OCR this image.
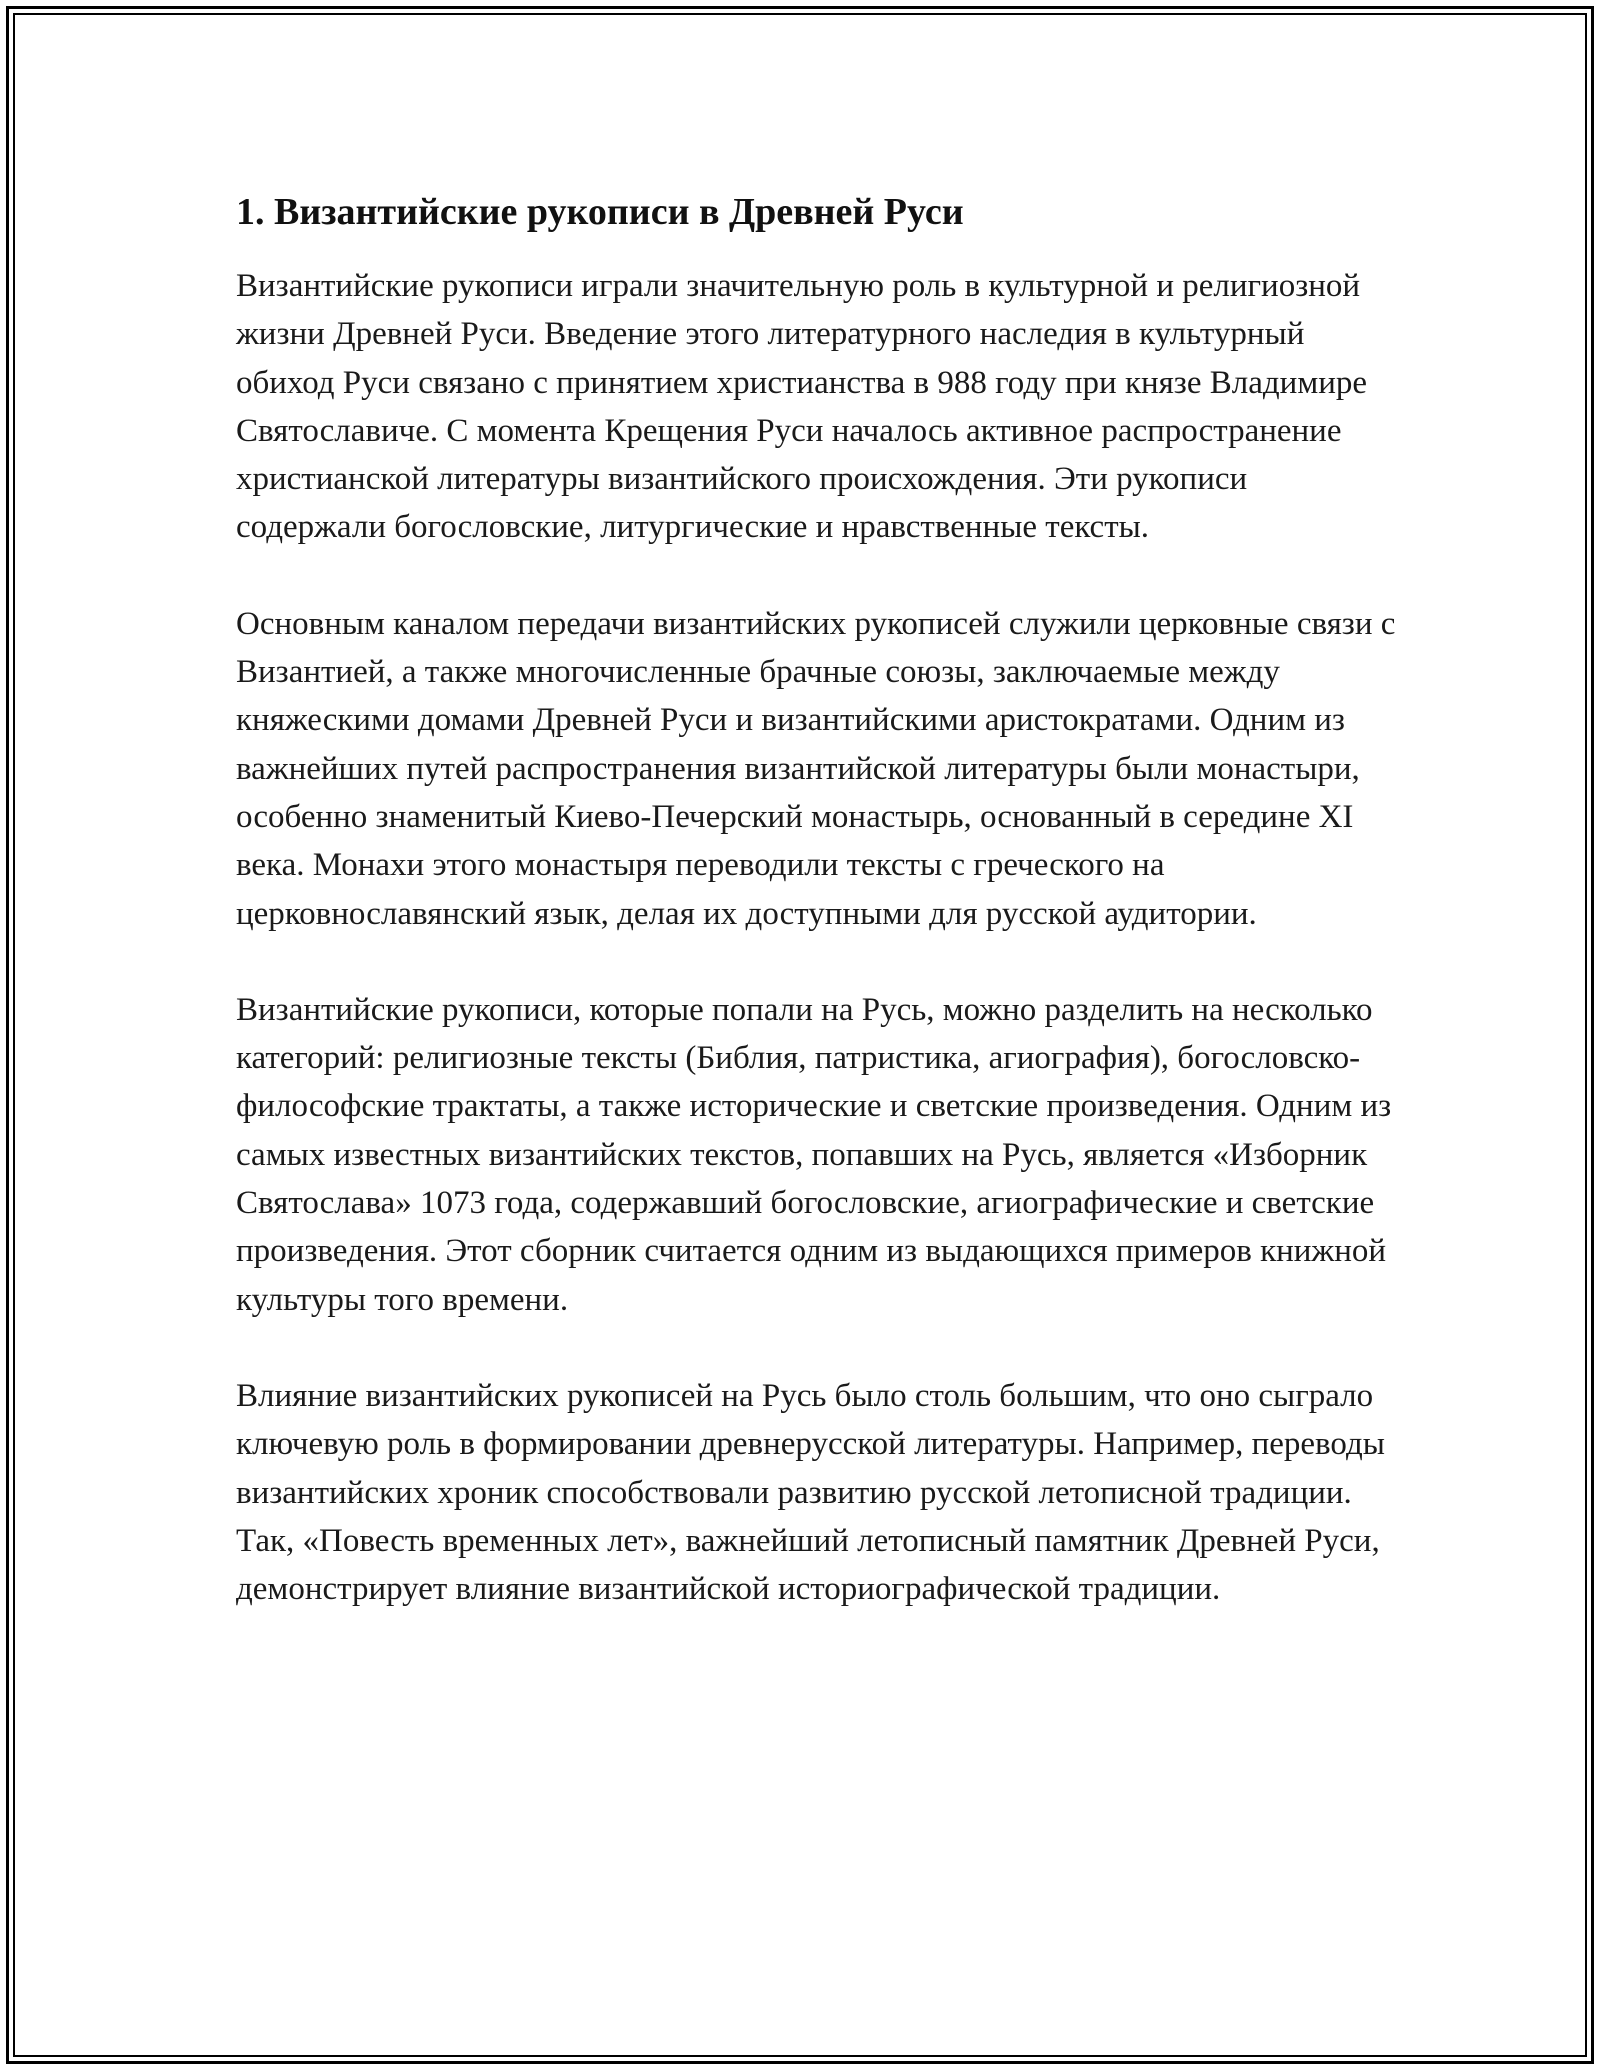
1. Византийские рукописи в Древней Руси

Византийские рукописи играли значительную роль в культурной и религиозной жизни Древней Руси. Введение этого литературного наследия в культурный обиход Руси связано с принятием христианства в 988 году при князе Владимире Святославиче. С момента Крещения Руси началось активное распространение христианской литературы византийского происхождения. Эти рукописи содержали богословские, литургические и нравственные тексты.

Основным каналом передачи византийских рукописей служили церковные связи с Византией, а также многочисленные брачные союзы, заключаемые между княжескими домами Древней Руси и византийскими аристократами. Одним из важнейших путей распространения византийской литературы были монастыри, особенно знаменитый Киево-Печерский монастырь, основанный в середине XI века. Монахи этого монастыря переводили тексты с греческого на церковнославянский язык, делая их доступными для русской аудитории.

Византийские рукописи, которые попали на Русь, можно разделить на несколько категорий: религиозные тексты (Библия, патристика, агиография), богословско-философские трактаты, а также исторические и светские произведения. Одним из самых известных византийских текстов, попавших на Русь, является «Изборник Святослава» 1073 года, содержавший богословские, агиографические и светские произведения. Этот сборник считается одним из выдающихся примеров книжной культуры того времени.

Влияние византийских рукописей на Русь было столь большим, что оно сыграло ключевую роль в формировании древнерусской литературы. Например, переводы византийских хроник способствовали развитию русской летописной традиции. Так, «Повесть временных лет», важнейший летописный памятник Древней Руси, демонстрирует влияние византийской историографической традиции.
